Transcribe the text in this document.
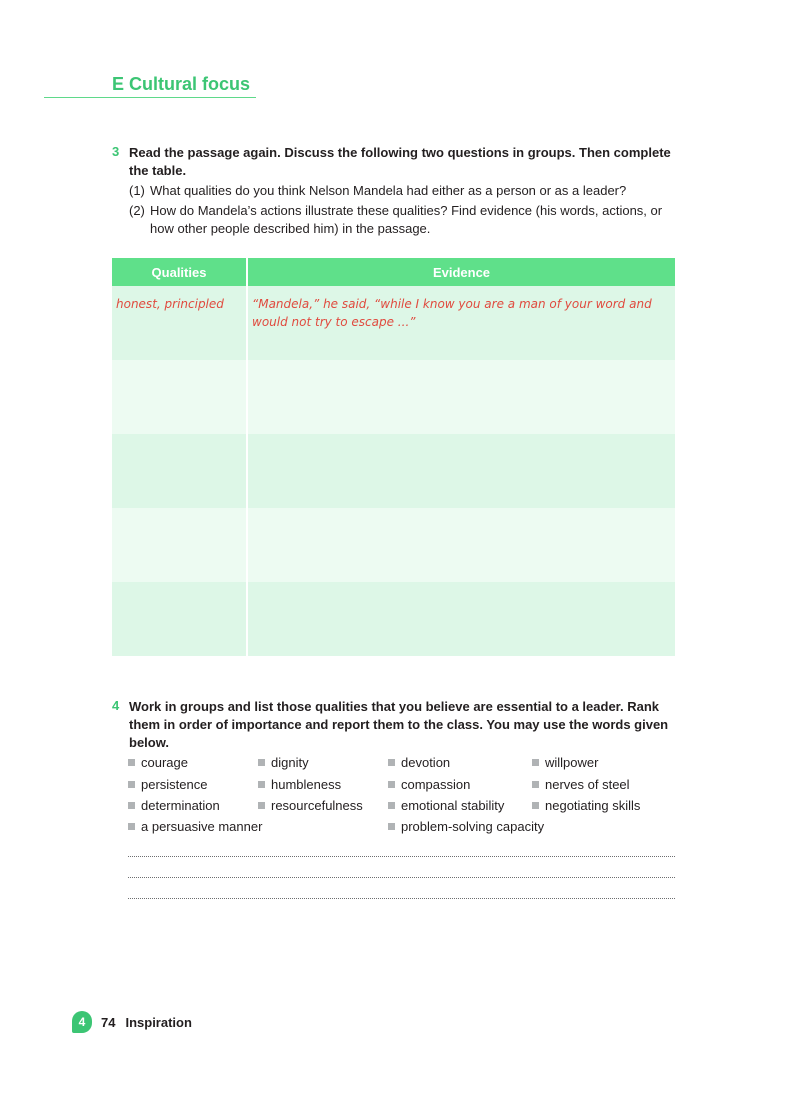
E Cultural focus
3 Read the passage again. Discuss the following two questions in groups. Then complete the table.
(1) What qualities do you think Nelson Mandela had either as a person or as a leader?
(2) How do Mandela’s actions illustrate these qualities? Find evidence (his words, actions, or how other people described him) in the passage.
Qualities	Evidence
honest, principled	“Mandela,” he said, “while I know you are a man of your word and would not try to escape ...”

4 Work in groups and list those qualities that you believe are essential to a leader. Rank them in order of importance and report them to the class. You may use the words given below.
courage	dignity	devotion	willpower
persistence	humbleness	compassion	nerves of steel
determination	resourcefulness	emotional stability	negotiating skills
a persuasive manner	problem-solving capacity
4	74 Inspiration
